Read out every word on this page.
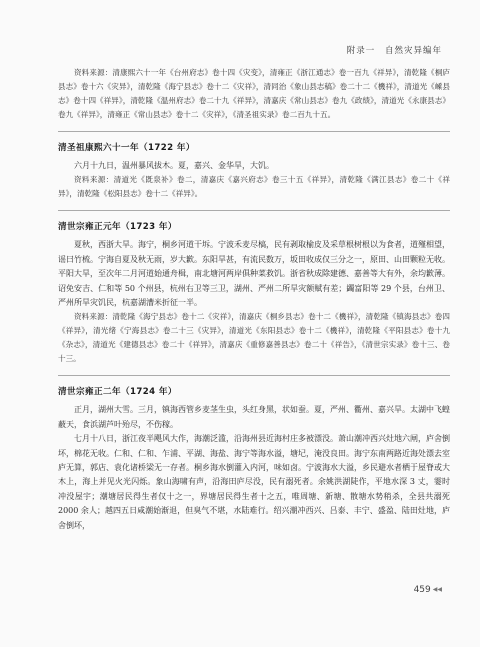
附录一 自然灾异编年

资料来源：清康熙六十一年《台州府志》卷十四《灾变》，清雍正《浙江通志》卷一百九《祥异》，清乾隆《桐庐县志》卷十六《灾异》，清乾隆《海宁县志》卷十二《灾祥》，清同治《象山县志稿》卷二十二《機祥》，清道光《嵊县志》卷十四《祥异》，清乾隆《温州府志》卷二十九《祥异》，清嘉庆《常山县志》卷九《政绩》，清道光《永康县志》卷九《祥异》，清雍正《常山县志》卷十二《灾祥》，《清圣祖实录》卷二百九十五。

清圣祖康熙六十一年（1722 年）

六月十九日，温州暴风拔木。夏，嘉兴、金华旱，大饥。

资料来源：清道光《既泉补》卷二，清嘉庆《嘉兴府志》卷三十五《祥异》，清乾隆《满江县志》卷二十《祥异》，清乾隆《松阳县志》卷十二《祥异》。

清世宗雍正元年（1723 年）

夏秋，西浙大旱。海宁，桐乡河道干坼。宁波禾麦尽槁，民有剥取榆皮及采草根树根以为食者，道殣相望，谣曰竹梳。宁海自夏及秋无雨，岁大歉。东阳旱甚，有流民数万，坂田收成仅三分之一，原田、山田颗粒无收。平阳大旱，至次年二月河道始通舟楫，南北塘河两岸俱种菜救饥。浙省秋成除建德、嘉善等大有外，余均歉薄。诏免安吉、仁和等 50 个州县，杭州右卫等三卫，湖州、严州二所旱灾额赋有差；蠲富阳等 29 个县，台州卫、严州所旱灾饥民，杭嘉湖漕米折征一半。

资料来源：清乾隆《海宁县志》卷十二《灾祥》，清嘉庆《桐乡县志》卷十二《機祥》，清乾隆《镇海县志》卷四《祥异》，清光绪《宁海县志》卷二十三《灾异》，清道光《东阳县志》卷十二《機祥》，清乾隆《平阳县志》卷十九《杂志》，清道光《建德县志》卷二十《祥异》，清嘉庆《重修嘉善县志》卷二十《祥告》，《清世宗实录》卷十三、卷十三。

清世宗雍正二年（1724 年）

正月，湖州大雪。三月，镇海西管乡麦茎生虫，头红身黑，状如蚕。夏，严州、衢州、嘉兴旱。太湖中飞蝗蔽天，食浜湖芦叶殆尽，不伤稼。

七月十八日，浙江夜半飓风大作，海潮泛滥，沿海州县近海村庄多被漂没。萧山潮冲西兴灶地六闸，庐舍倒坏，棉花无收。仁和、仁和、乍浦、平湖、海盐、海宁等海水溢，塘圮，淹没良田。海宁东南两路近海处漂去室庐无算，郭店、袁化诸桥梁无一存者。桐乡海水倒灌入内河，味如卤。宁波海水大溢，乡民避水者栖于屋脊或大木上，海上并见火光闪烁。象山海啸有声，沿海田庐尽没，民有溺死者。余姚洪湖陡作，平地水深 3 丈，霎时冲没屋宇；潮塘居民得生者仅十之一，界塘居民得生者十之五，唯周塘、新塘、散塘水势稍杀，全县共溺死 2000 余人；越四五日咸潮始渐退，但臭气不堪，水陆难行。绍兴潮冲西兴、吕泰、丰宁、盛盈、陆田灶地，庐舍倒坏，

459 ◀◀
